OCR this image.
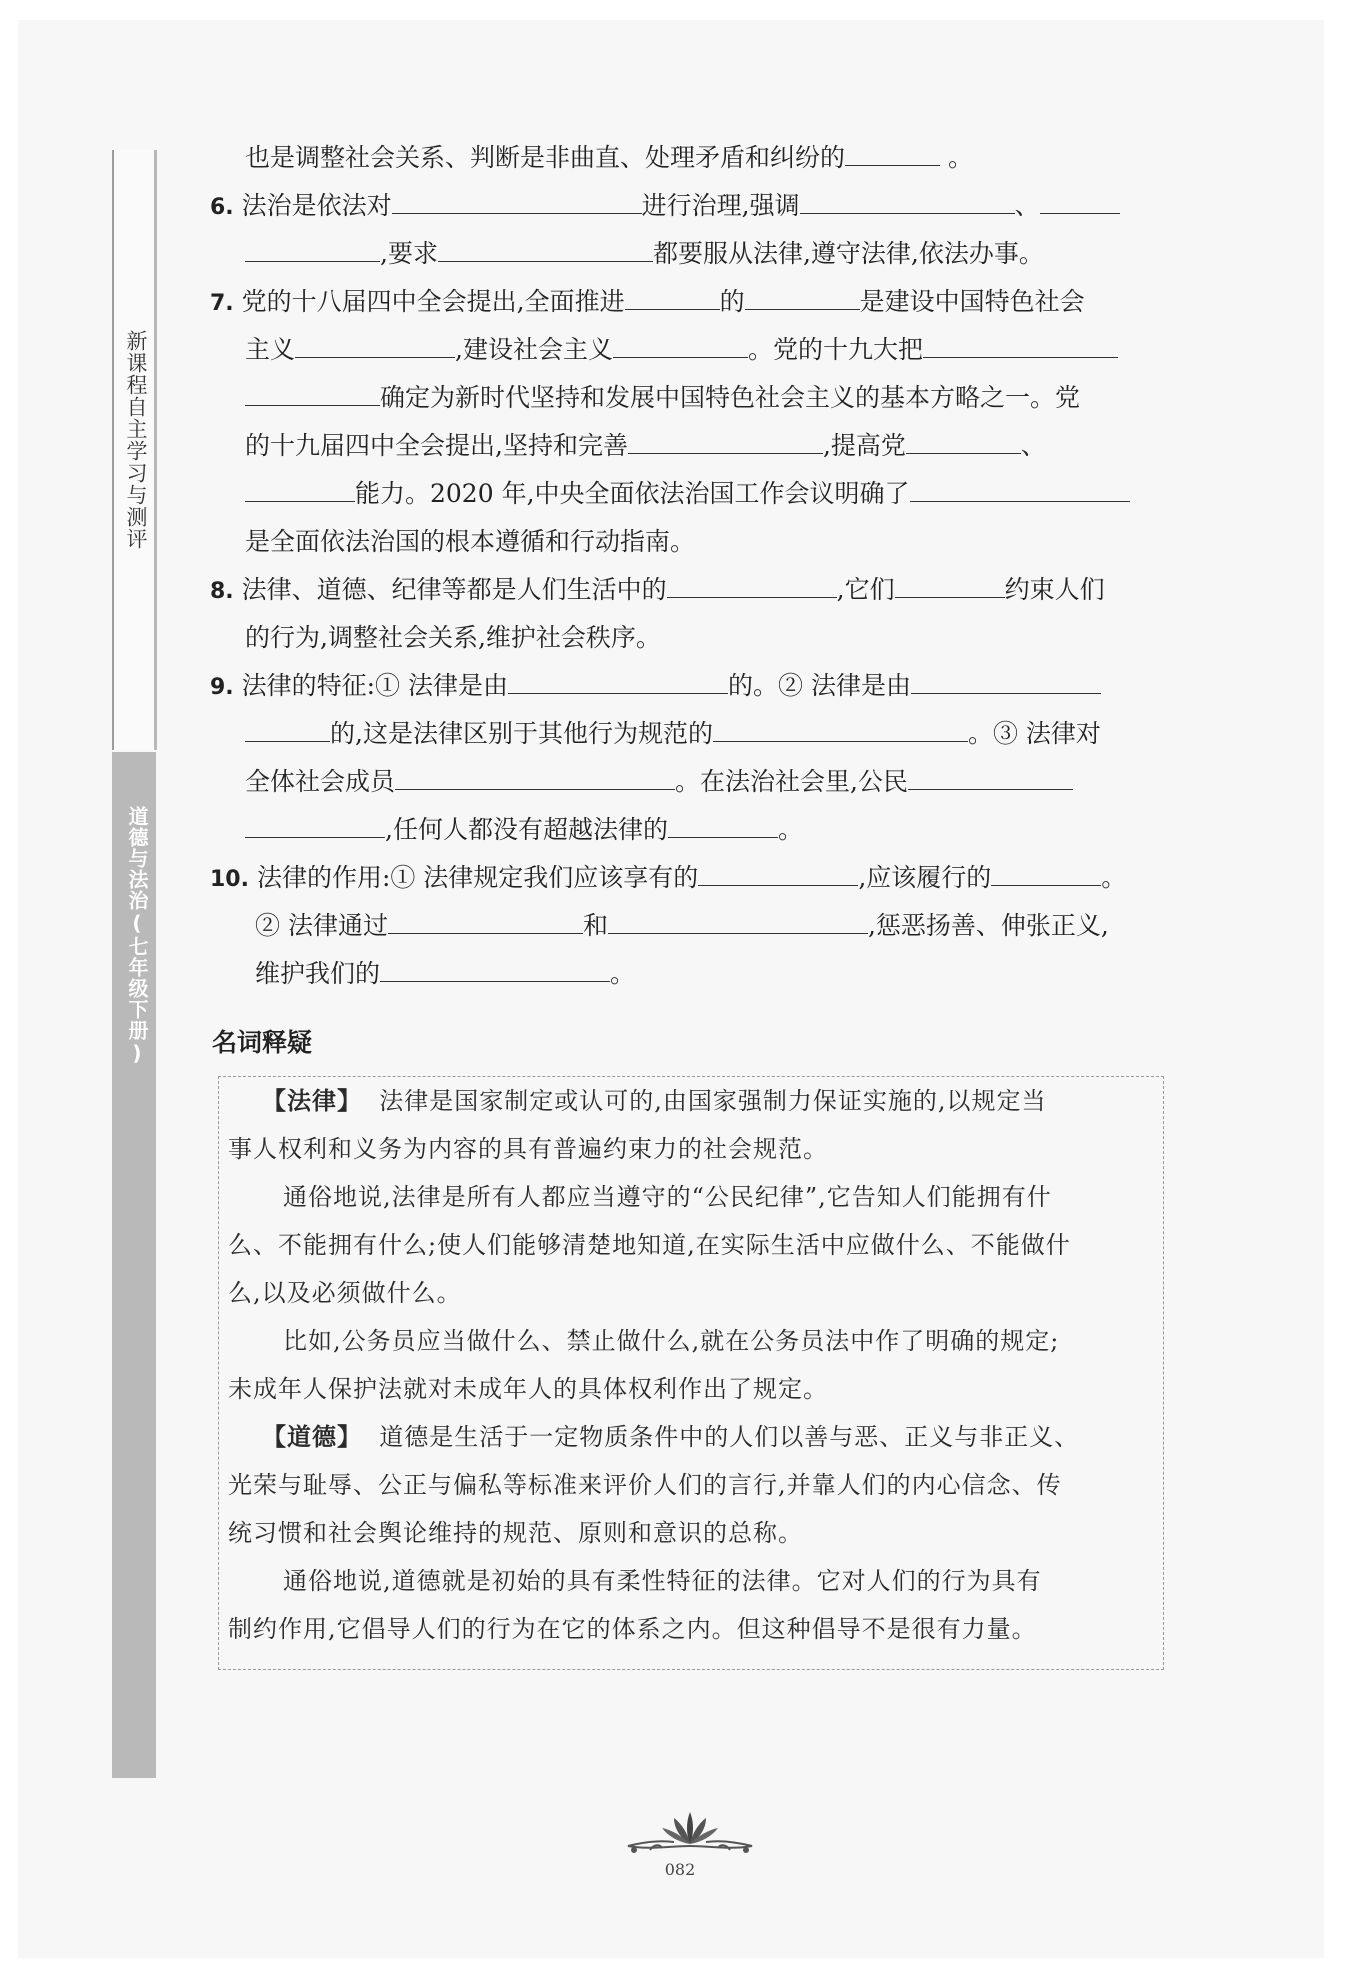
新课程自主学习与测评
道德与法治(七年级下册)
也是调整社会关系、判断是非曲直、处理矛盾和纠纷的	。
6. 法治是依法对	进行治理,强调	、
,要求	都要服从法律,遵守法律,依法办事。
7. 党的十八届四中全会提出,全面推进	的	是建设中国特色社会
主义	,建设社会主义	。党的十九大把
确定为新时代坚持和发展中国特色社会主义的基本方略之一。党
的十九届四中全会提出,坚持和完善	,提高党	、
能力。2020 年,中央全面依法治国工作会议明确了
是全面依法治国的根本遵循和行动指南。
8. 法律、道德、纪律等都是人们生活中的	,它们	约束人们
的行为,调整社会关系,维护社会秩序。
9. 法律的特征:① 法律是由	的。② 法律是由
的,这是法律区别于其他行为规范的	。③ 法律对
全体社会成员	。在法治社会里,公民
,任何人都没有超越法律的	。
10. 法律的作用:① 法律规定我们应该享有的	,应该履行的	。
② 法律通过	和	,惩恶扬善、伸张正义,
维护我们的	。
名词释疑
【法律】 法律是国家制定或认可的,由国家强制力保证实施的,以规定当
事人权利和义务为内容的具有普遍约束力的社会规范。
通俗地说,法律是所有人都应当遵守的“公民纪律”,它告知人们能拥有什
么、不能拥有什么;使人们能够清楚地知道,在实际生活中应做什么、不能做什
么,以及必须做什么。
比如,公务员应当做什么、禁止做什么,就在公务员法中作了明确的规定;
未成年人保护法就对未成年人的具体权利作出了规定。
【道德】 道德是生活于一定物质条件中的人们以善与恶、正义与非正义、
光荣与耻辱、公正与偏私等标准来评价人们的言行,并靠人们的内心信念、传
统习惯和社会舆论维持的规范、原则和意识的总称。
通俗地说,道德就是初始的具有柔性特征的法律。它对人们的行为具有
制约作用,它倡导人们的行为在它的体系之内。但这种倡导不是很有力量。
082
